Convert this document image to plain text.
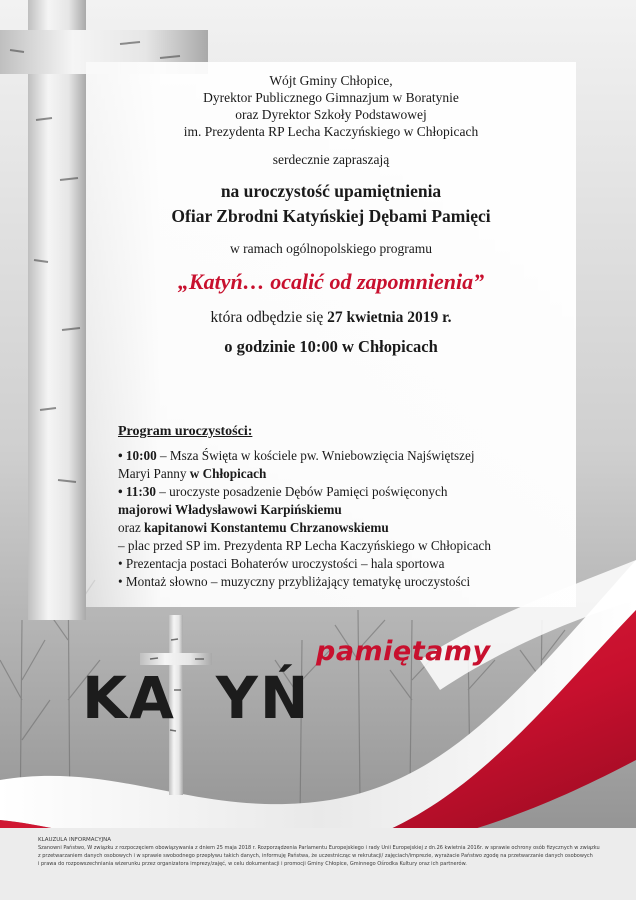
Wójt Gminy Chłopice,
Dyrektor Publicznego Gimnazjum w Boratynie
oraz Dyrektor Szkoły Podstawowej
im. Prezydenta RP Lecha Kaczyńskiego w Chłopicach
serdecznie zapraszają
na uroczystość upamiętnienia
Ofiar Zbrodni Katyńskiej Dębami Pamięci
w ramach ogólnopolskiego programu
„Katyń… ocalić od zapomnienia”
która odbędzie się 27 kwietnia 2019 r.
o godzinie 10:00 w Chłopicach
Program uroczystości:
• 10:00 – Msza Święta w kościele pw. Wniebowzięcia Najświętszej
Maryi Panny w Chłopicach
• 11:30 – uroczyste posadzenie Dębów Pamięci poświęconych
majorowi Władysławowi Karpińskiemu
oraz kapitanowi Konstantemu Chrzanowskiemu
– plac przed SP im. Prezydenta RP Lecha Kaczyńskiego w Chłopicach
• Prezentacja postaci Bohaterów uroczystości – hala sportowa
• Montaż słowno – muzyczny przybliżający tematykę uroczystości
pamiętamy
KA YŃ
KLAUZULA INFORMACYJNA
Szanowni Państwo, W związku z rozpoczęciem obowiązywania z dniem 25 maja 2018 r. Rozporządzenia Parlamentu Europejskiego i rady Unii Europejskiej z dn.26 kwietnia 2016r. w sprawie ochrony osób fizycznych w związku
z przetwarzaniem danych osobowych i w sprawie swobodnego przepływu takich danych, informuję Państwa, że uczestnicząc w rekrutacji/ zajęciach/imprezie, wyrażacie Państwo zgodę na przetwarzanie danych osobowych
i prawa do rozpowszechniania wizerunku przez organizatora imprezy/zajęć, w celu dokumentacji i promocji Gminy Chłopice, Gminnego Ośrodka Kultury oraz ich partnerów.
